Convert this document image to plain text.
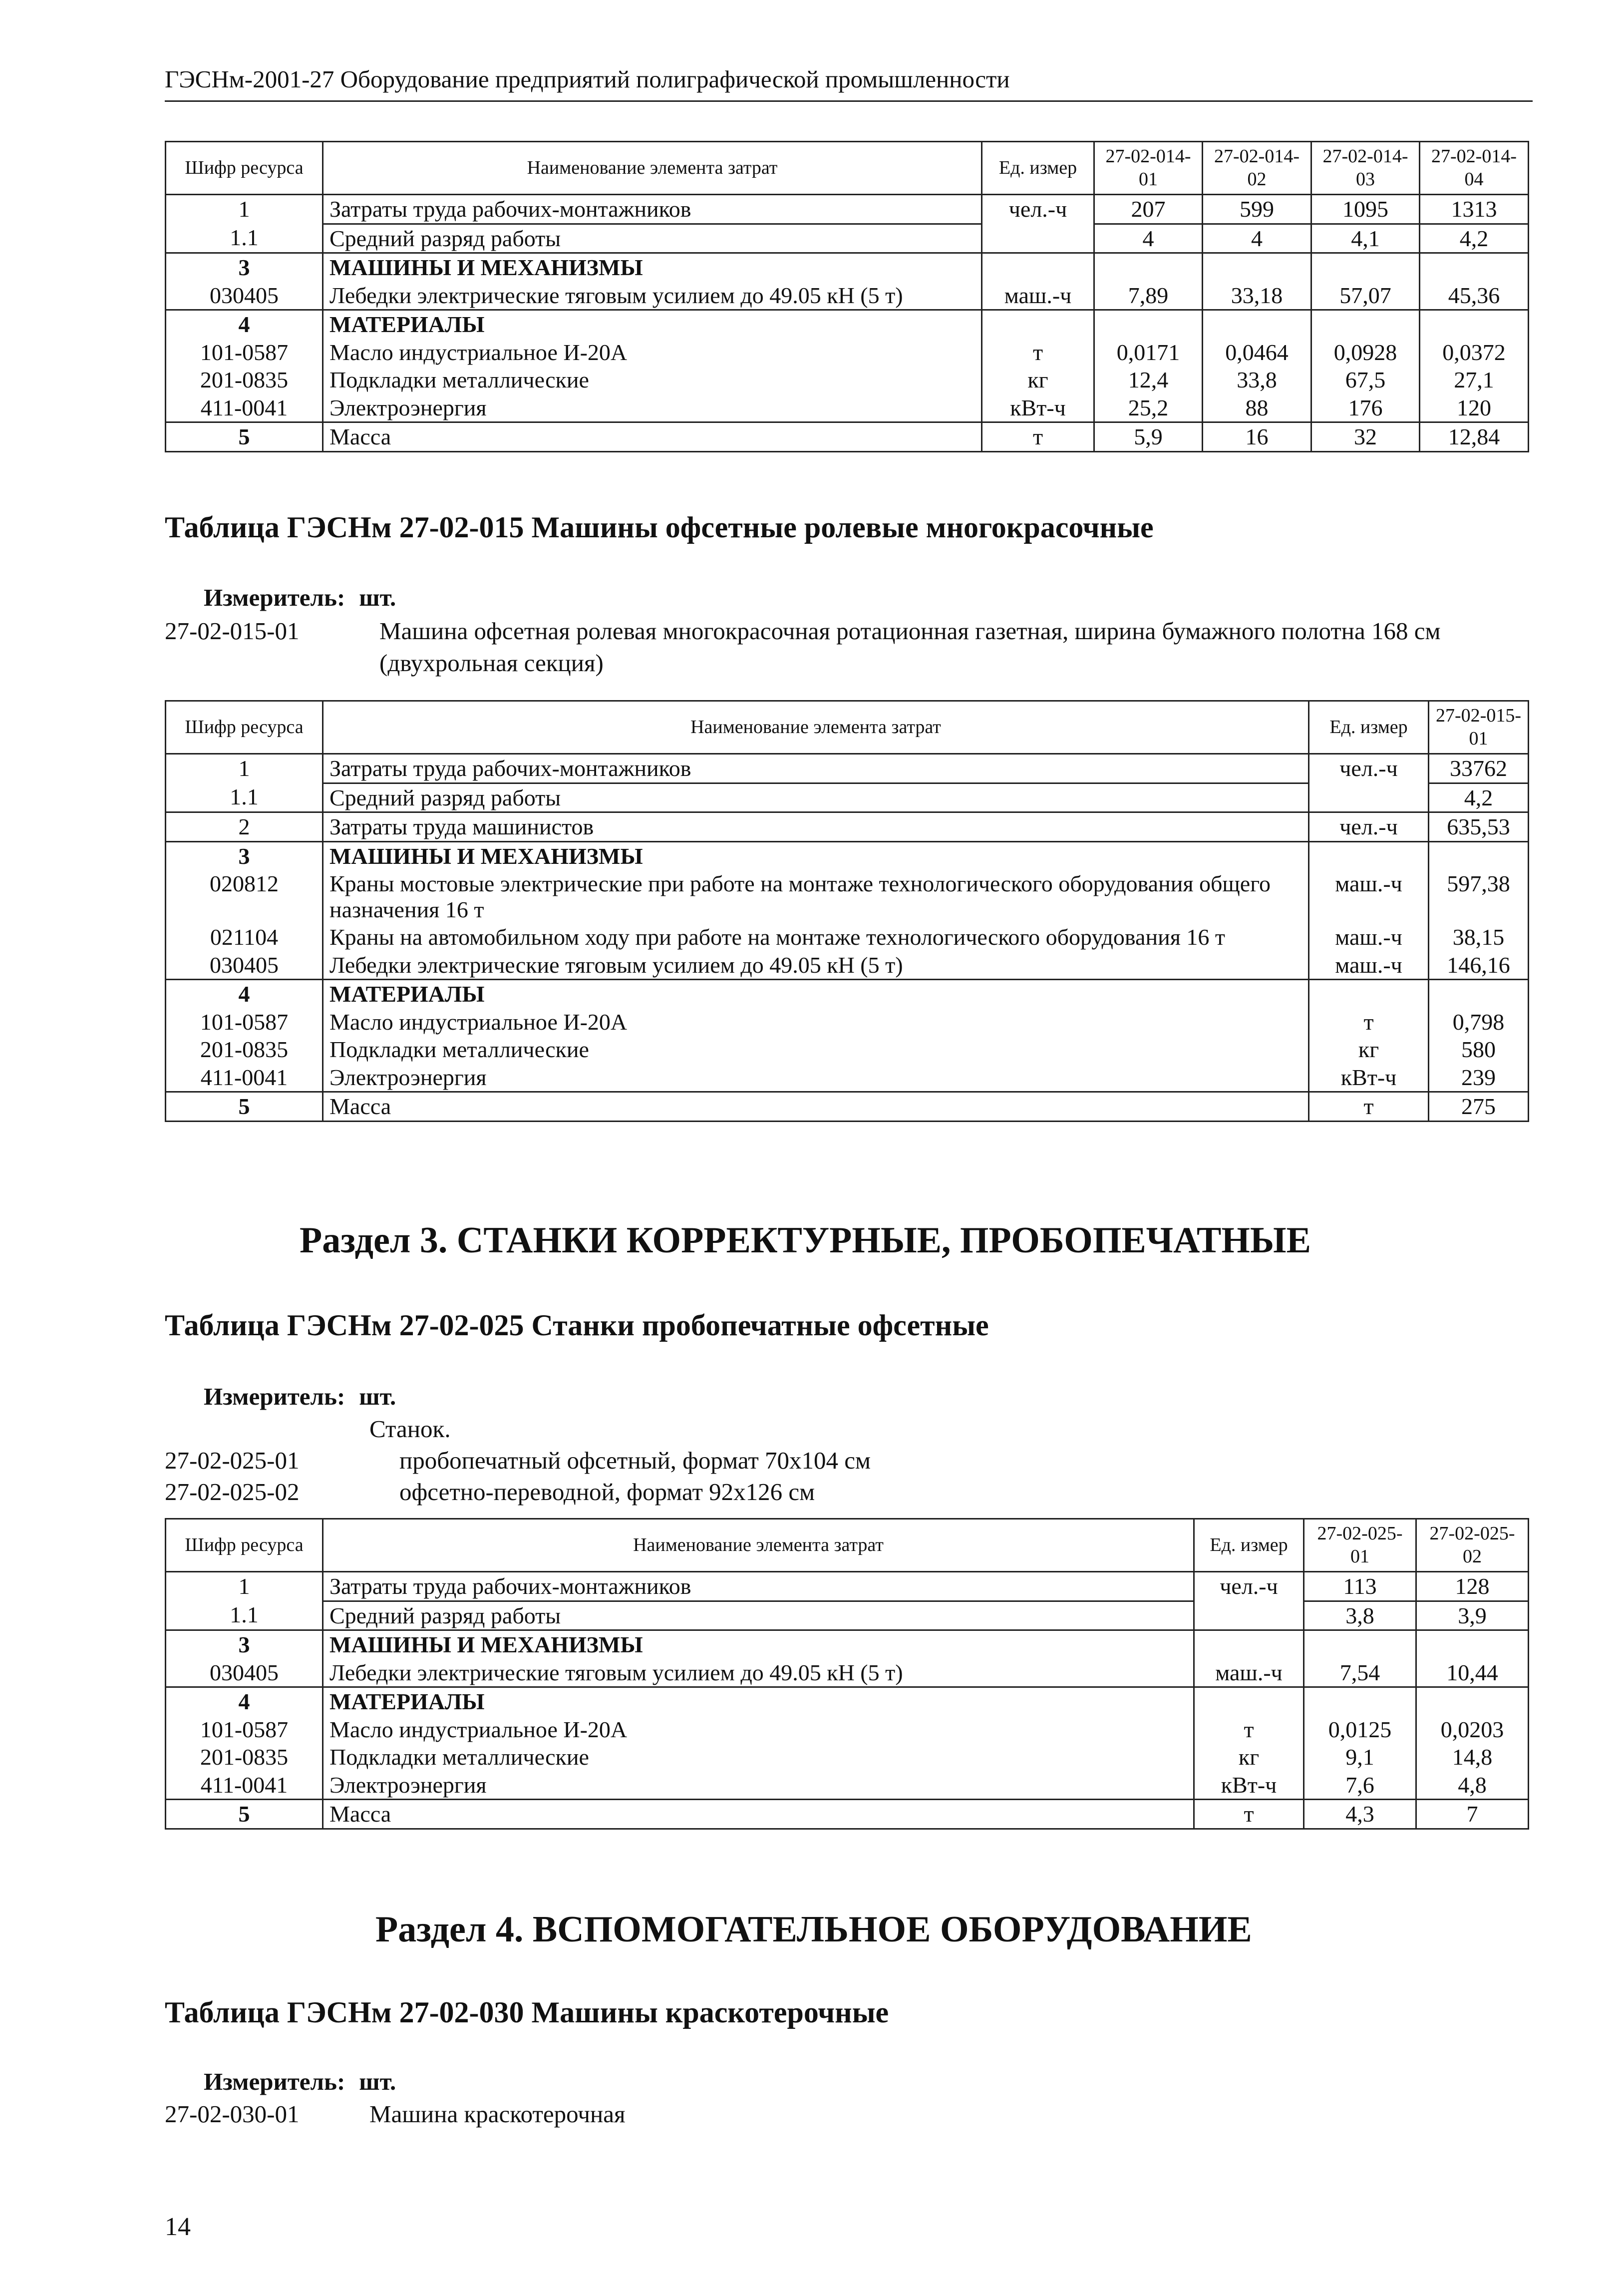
ГЭСНм-2001-27 Оборудование предприятий полиграфической промышленности
Шифр ресурса	Наименование элемента затрат	Ед. измер	27-02-014-01	27-02-014-02	27-02-014-03	27-02-014-04
1	Затраты труда рабочих-монтажников	чел.-ч	207	599	1095	1313
1.1	Средний разряд работы		4	4	4,1	4,2
3	МАШИНЫ И МЕХАНИЗМЫ					
030405	Лебедки электрические тяговым усилием до 49.05 кН (5 т)	маш.-ч	7,89	33,18	57,07	45,36
4	МАТЕРИАЛЫ					
101-0587	Масло индустриальное И-20А	т	0,0171	0,0464	0,0928	0,0372
201-0835	Подкладки металлические	кг	12,4	33,8	67,5	27,1
411-0041	Электроэнергия	кВт-ч	25,2	88	176	120
5	Масса	т	5,9	16	32	12,84
Таблица ГЭСНм 27-02-015 Машины офсетные ролевые многокрасочные
Измеритель: шт.
27-02-015-01	Машина офсетная ролевая многокрасочная ротационная газетная, ширина бумажного полотна 168 см (двухрольная секция)
Шифр ресурса	Наименование элемента затрат	Ед. измер	27-02-015-01
1	Затраты труда рабочих-монтажников	чел.-ч	33762
1.1	Средний разряд работы		4,2
2	Затраты труда машинистов	чел.-ч	635,53
3	МАШИНЫ И МЕХАНИЗМЫ		
020812	Краны мостовые электрические при работе на монтаже технологического оборудования общего назначения 16 т	маш.-ч	597,38
021104	Краны на автомобильном ходу при работе на монтаже технологического оборудования 16 т	маш.-ч	38,15
030405	Лебедки электрические тяговым усилием до 49.05 кН (5 т)	маш.-ч	146,16
4	МАТЕРИАЛЫ		
101-0587	Масло индустриальное И-20А	т	0,798
201-0835	Подкладки металлические	кг	580
411-0041	Электроэнергия	кВт-ч	239
5	Масса	т	275
Раздел 3. СТАНКИ КОРРЕКТУРНЫЕ, ПРОБОПЕЧАТНЫЕ
Таблица ГЭСНм 27-02-025 Станки пробопечатные офсетные
Измеритель: шт.
Станок.
27-02-025-01	пробопечатный офсетный, формат 70x104 см
27-02-025-02	офсетно-переводной, формат 92x126 см
Шифр ресурса	Наименование элемента затрат	Ед. измер	27-02-025-01	27-02-025-02
1	Затраты труда рабочих-монтажников	чел.-ч	113	128
1.1	Средний разряд работы		3,8	3,9
3	МАШИНЫ И МЕХАНИЗМЫ			
030405	Лебедки электрические тяговым усилием до 49.05 кН (5 т)	маш.-ч	7,54	10,44
4	МАТЕРИАЛЫ			
101-0587	Масло индустриальное И-20А	т	0,0125	0,0203
201-0835	Подкладки металлические	кг	9,1	14,8
411-0041	Электроэнергия	кВт-ч	7,6	4,8
5	Масса	т	4,3	7
Раздел 4. ВСПОМОГАТЕЛЬНОЕ ОБОРУДОВАНИЕ
Таблица ГЭСНм 27-02-030 Машины краскотерочные
Измеритель: шт.
27-02-030-01	Машина краскотерочная
14
